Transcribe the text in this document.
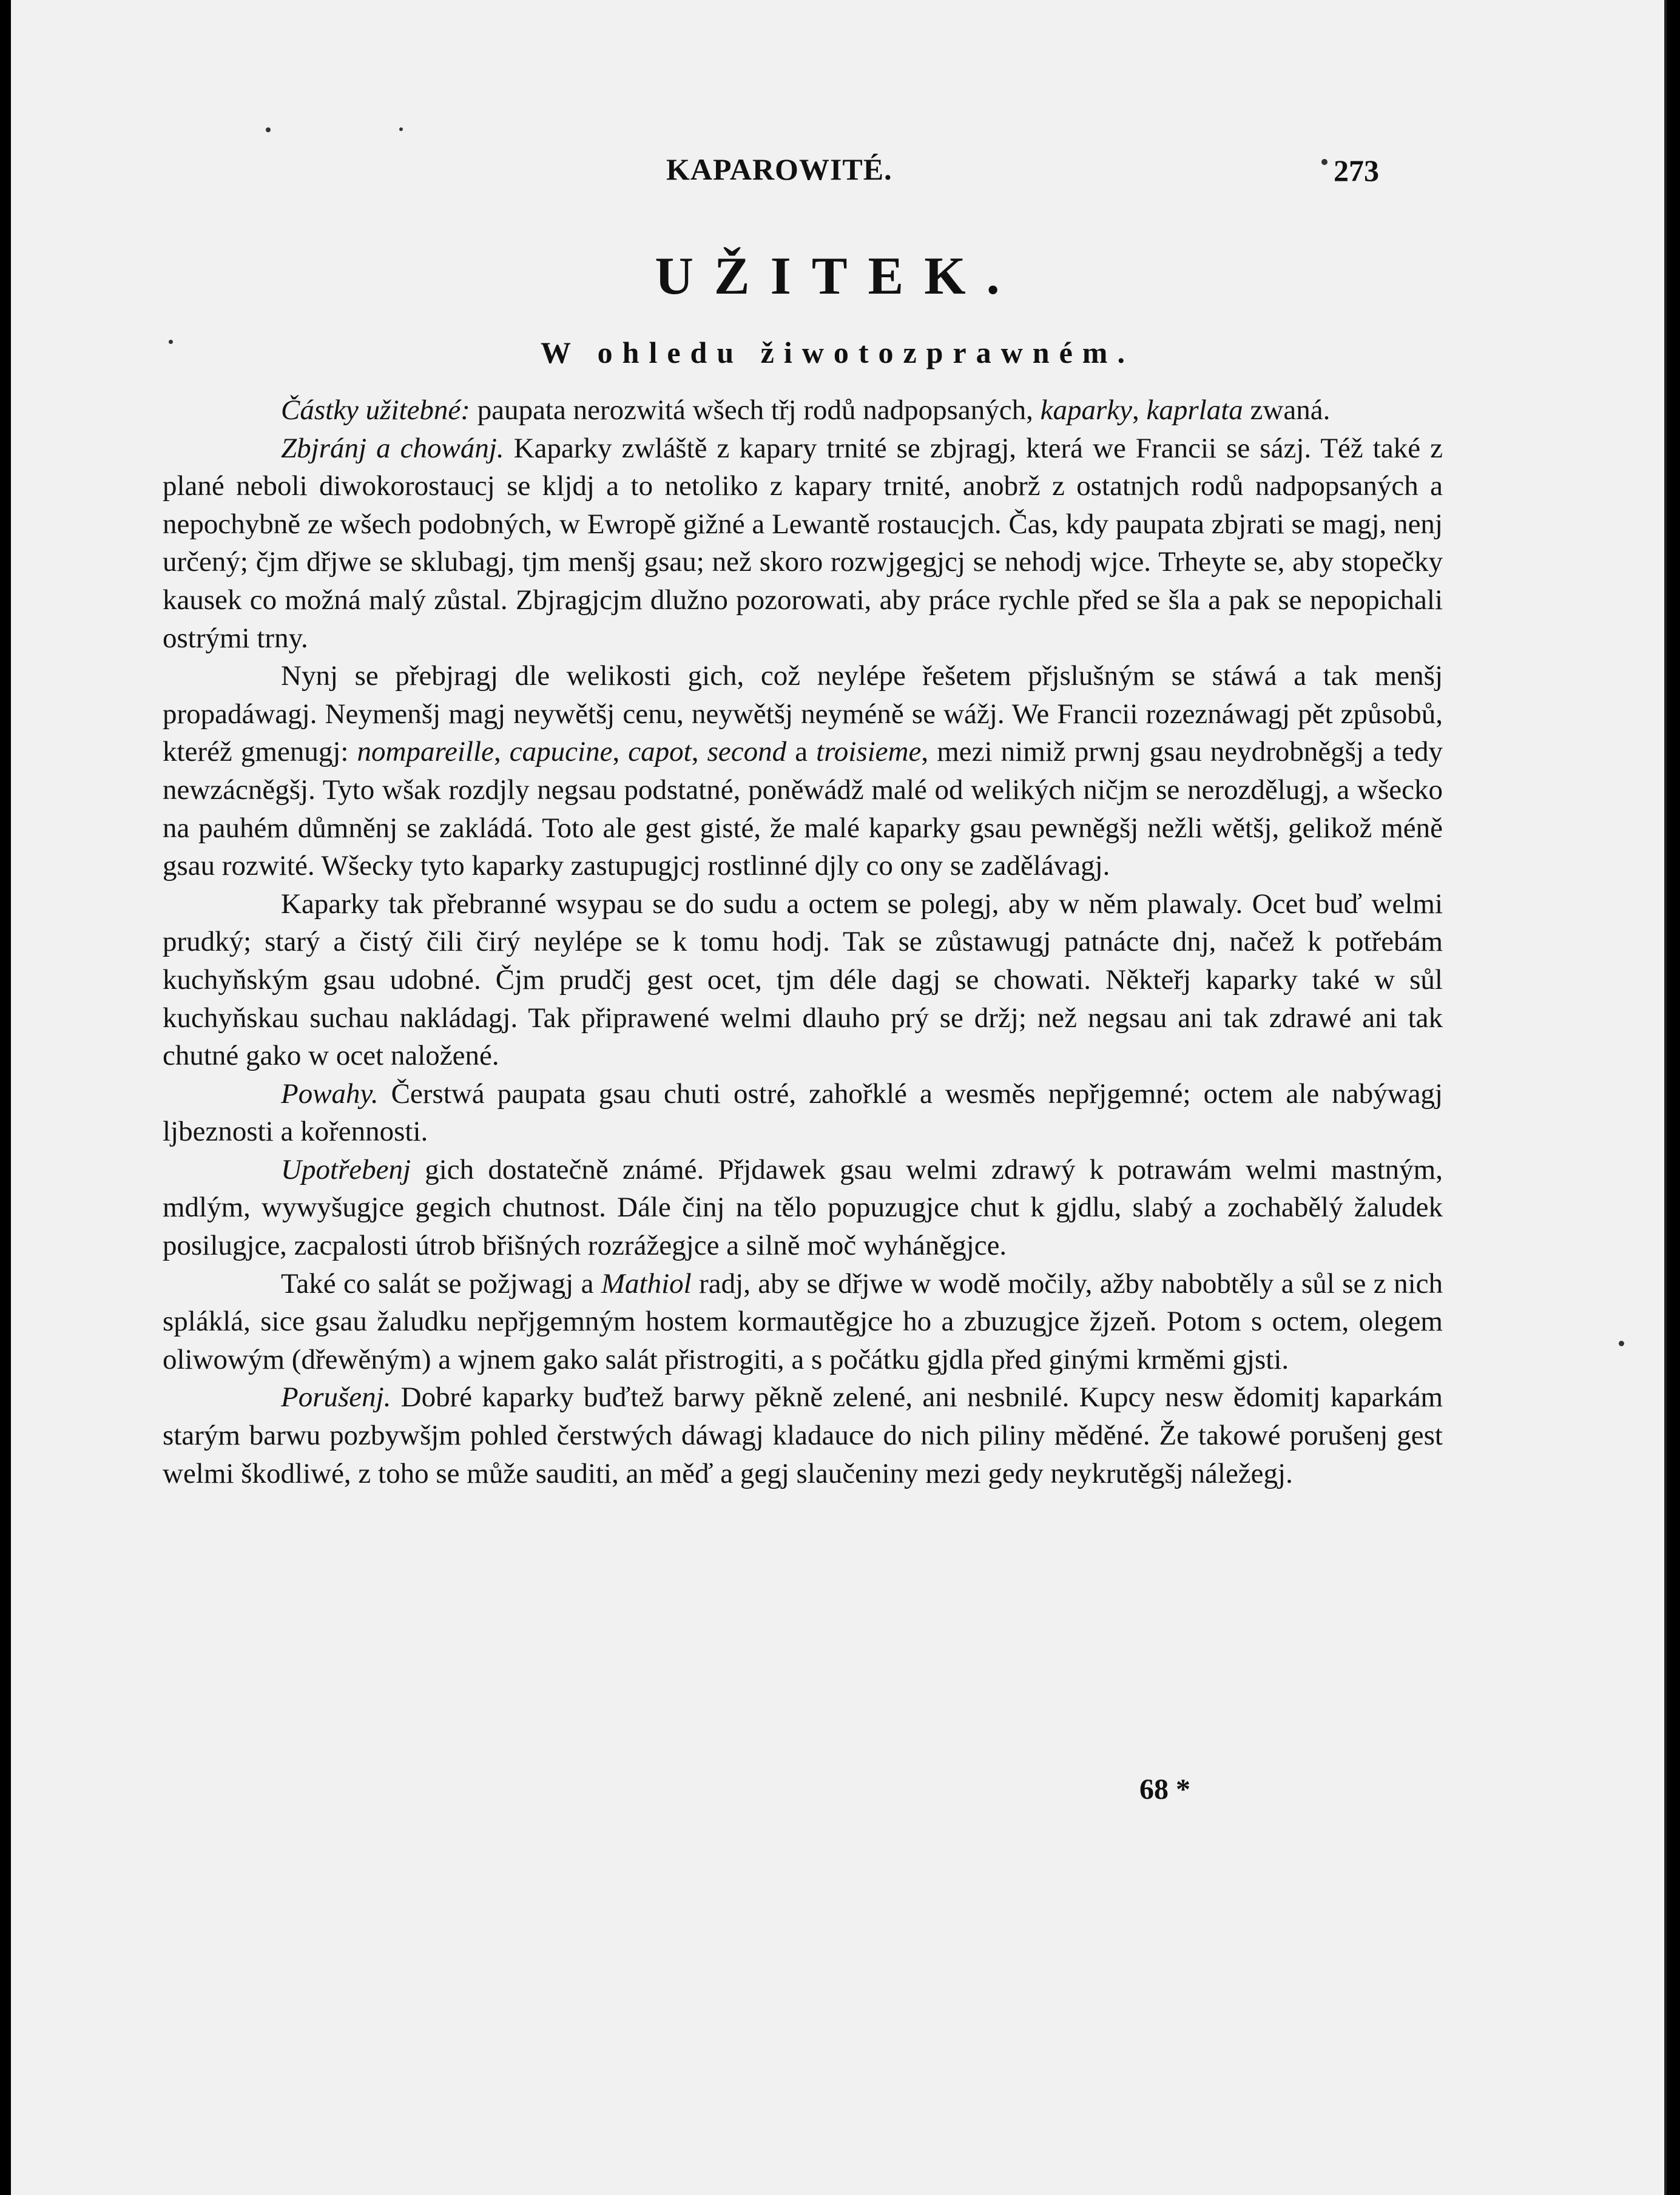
KAPAROWITÉ.	273
UŽITEK.
W ohledu žiwotozprawném.

Částky užitebné: paupata nerozwitá wšech třj rodů nadpopsaných, kaparky, kaprlata zwaná.

Zbjránj a chowánj. Kaparky zwláště z kapary trnité se zbjragj, která we Francii se sázj. Též také z plané neboli diwokorostaucj se kljdj a to netoliko z kapary trnité, anobrž z ostatnjch rodů nadpopsaných a nepochybně ze wšech podobných, w Ewropě gižné a Lewantě rostaucjch. Čas, kdy paupata zbjrati se magj, nenj určený; čjm dřjwe se sklubagj, tjm menšj gsau; než skoro rozwjgegjcj se nehodj wjce. Trheyte se, aby stopečky kausek co možná malý zůstal. Zbjragjcjm dlužno pozorowati, aby práce rychle před se šla a pak se nepopichali ostrými trny.

Nynj se přebjragj dle welikosti gich, což neylépe řešetem přjslušným se stáwá a tak menšj propadáwagj. Neymenšj magj neywětšj cenu, neywětšj neyméně se wážj. We Francii rozeznáwagj pět způsobů, kteréž gmenugj: nompareille, capucine, capot, second a troisieme, mezi nimiž prwnj gsau neydrobněgšj a tedy newzácněgšj. Tyto wšak rozdjly negsau podstatné, poněwádž malé od welikých ničjm se nerozdělugj, a wšecko na pauhém důmněnj se zakládá. Toto ale gest gisté, že malé kaparky gsau pewněgšj nežli wětšj, gelikož méně gsau rozwité. Wšecky tyto kaparky zastupugjcj rostlinné djly co ony se zadělávagj.

Kaparky tak přebranné wsypau se do sudu a octem se polegj, aby w něm plawaly. Ocet buď welmi prudký; starý a čistý čili čirý neylépe se k tomu hodj. Tak se zůstawugj patnácte dnj, načež k potřebám kuchyňským gsau udobné. Čjm prudčj gest ocet, tjm déle dagj se chowati. Někteřj kaparky také w sůl kuchyňskau suchau nakládagj. Tak připrawené welmi dlauho prý se držj; než negsau ani tak zdrawé ani tak chutné gako w ocet naložené.

Powahy. Čerstwá paupata gsau chuti ostré, zahořklé a wesměs nepřjgemné; octem ale nabýwagj ljbeznosti a kořennosti.

Upotřebenj gich dostatečně známé. Přjdawek gsau welmi zdrawý k potrawám welmi mastným, mdlým, wywyšugjce gegich chutnost. Dále činj na tělo popuzugjce chut k gjdlu, slabý a zochabělý žaludek posilugjce, zacpalosti útrob břišných rozrážegjce a silně moč wyháněgjce.

Také co salát se požjwagj a Mathiol radj, aby se dřjwe w wodě močily, ažby nabobtěly a sůl se z nich spláklá, sice gsau žaludku nepřjgemným hostem kormautěgjce ho a zbuzugjce žjzeň. Potom s octem, olegem oliwowým (dřewěným) a wjnem gako salát přistrogiti, a s počátku gjdla před ginými krměmi gjsti.

Porušenj. Dobré kaparky buďtež barwy pěkně zelené, ani nesbnilé. Kupcy nesw ědomitj kaparkám starým barwu pozbywšjm pohled čerstwých dáwagj kladauce do nich piliny měděné. Že takowé porušenj gest welmi škodliwé, z toho se může sauditi, an měď a gegj slaučeniny mezi gedy neykrutěgšj náležegj.

68 *
